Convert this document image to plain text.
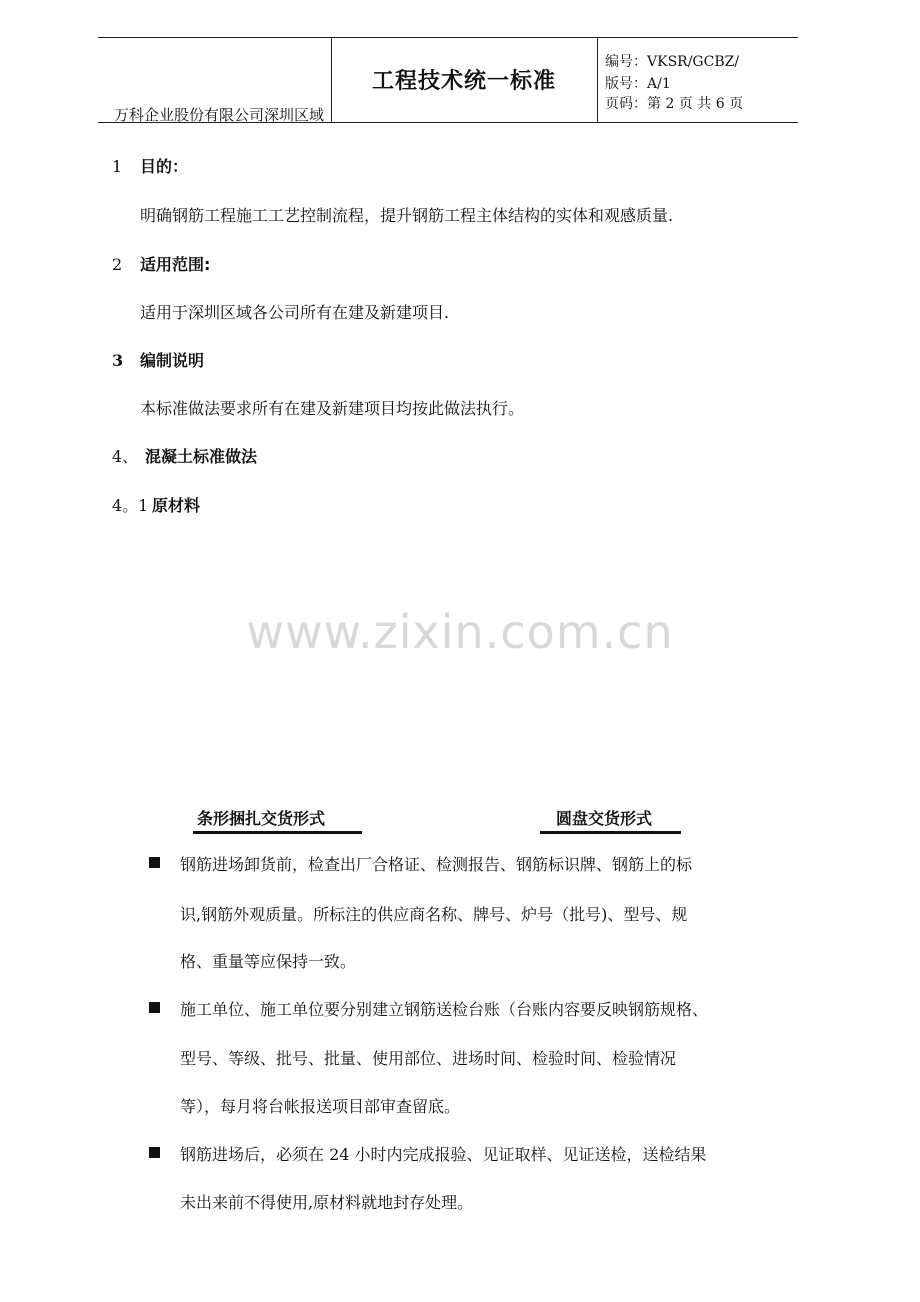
万科企业股份有限公司深圳区域
工程技术统一标准
编号：VKSR/GCBZ/
版号：A/1
页码：第 2 页 共 6 页
1 目的：
明确钢筋工程施工工艺控制流程，提升钢筋工程主体结构的实体和观感质量.
2 适用范围:
适用于深圳区域各公司所有在建及新建项目.
3 编制说明
本标准做法要求所有在建及新建项目均按此做法执行。
4、 混凝土标准做法
4。1 原材料
www.zixin.com.cn
条形捆扎交货形式	圆盘交货形式
钢筋进场卸货前，检查出厂合格证、检测报告、钢筋标识牌、钢筋上的标
识,钢筋外观质量。所标注的供应商名称、牌号、炉号（批号)、型号、规
格、重量等应保持一致。
施工单位、施工单位要分别建立钢筋送检台账（台账内容要反映钢筋规格、
型号、等级、批号、批量、使用部位、进场时间、检验时间、检验情况
等），每月将台帐报送项目部审查留底。
钢筋进场后，必须在 24 小时内完成报验、见证取样、见证送检，送检结果
未出来前不得使用,原材料就地封存处理。
